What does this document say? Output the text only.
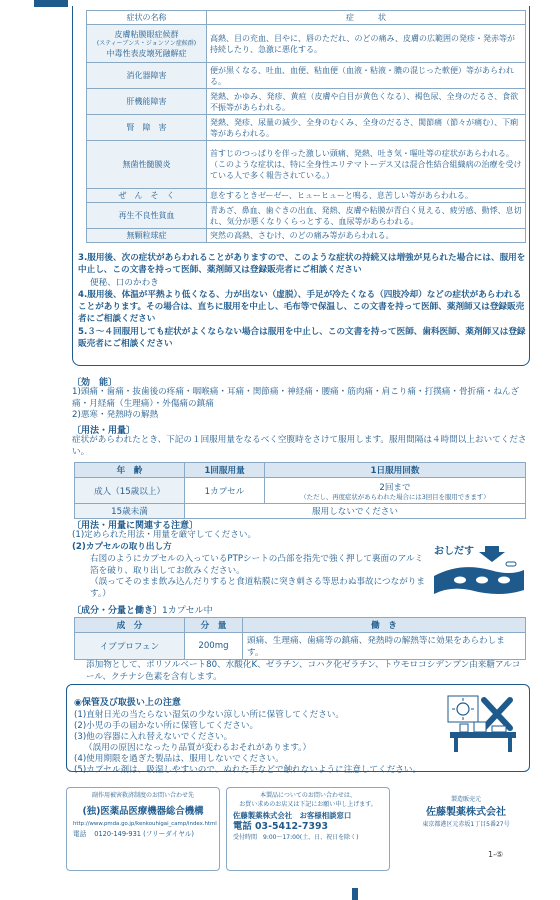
症状の名称	症　　　状
皮膚粘膜眼症候群
(スティーブンス・ジョンソン症候群)
中毒性表皮壊死融解症	高熱、目の充血、目やに、唇のただれ、のどの痛み、皮膚の広範囲の発疹・発赤等が持続したり、急激に悪化する。
消化器障害	便が黒くなる、吐血、血便、粘血便（血液・粘液・膿の混じった軟便）等があらわれる。
肝機能障害	発熱、かゆみ、発疹、黄疸（皮膚や白目が黄色くなる）、褐色尿、全身のだるさ、食欲不振等があらわれる。
腎　障　害	発熱、発疹、尿量の減少、全身のむくみ、全身のだるさ、関節痛（節々が痛む）、下痢等があらわれる。
無菌性髄膜炎	首すじのつっぱりを伴った激しい頭痛、発熱、吐き気・嘔吐等の症状があらわれる。（このような症状は、特に全身性エリテマトーデス又は混合性結合組織病の治療を受けている人で多く報告されている。）
ぜ　ん　そ　く	息をするときゼーゼー、ヒューヒューと鳴る、息苦しい等があらわれる。
再生不良性貧血	青あざ、鼻血、歯ぐきの出血、発熱、皮膚や粘膜が青白く見える、疲労感、動悸、息切れ、気分が悪くなりくらっとする、血尿等があらわれる。
無顆粒球症	突然の高熱、さむけ、のどの痛み等があらわれる。
3.服用後、次の症状があらわれることがありますので、このような症状の持続又は増強が見られた場合には、服用を中止し、この文書を持って医師、薬剤師又は登録販売者にご相談ください
便秘、口のかわき
4.服用後、体温が平熱より低くなる、力が出ない（虚脱）、手足が冷たくなる（四肢冷却）などの症状があらわれることがあります。その場合は、直ちに服用を中止し、毛布等で保温し、この文書を持って医師、薬剤師又は登録販売者にご相談ください
5.３～４回服用しても症状がよくならない場合は服用を中止し、この文書を持って医師、歯科医師、薬剤師又は登録販売者にご相談ください
〔効　能〕
1)頭痛・歯痛・抜歯後の疼痛・咽喉痛・耳痛・関節痛・神経痛・腰痛・筋肉痛・肩こり痛・打撲痛・骨折痛・ねんざ痛・月経痛（生理痛）・外傷痛の鎮痛
2)悪寒・発熱時の解熱
〔用法・用量〕
症状があらわれたとき、下記の１回服用量をなるべく空腹時をさけて服用します。服用間隔は４時間以上おいてください。
年　齢	1回服用量	1日服用回数
成人（15歳以上）	1カプセル	2回まで
（ただし、再度症状があらわれた場合には3回目を服用できます）

15歳未満	服用しないでください	
〔用法・用量に関連する注意〕
(1)定められた用法・用量を厳守してください。
(2)カプセルの取り出し方
右図のようにカプセルの入っているPTPシートの凸部を指先で強く押して裏面のアルミ箔を破り、取り出してお飲みください。
（誤ってそのまま飲み込んだりすると食道粘膜に突き刺さる等思わぬ事故につながります。）
おしだす
〔成分・分量と働き〕1カプセル中
成　分	分　量	働　き
イブプロフェン	200mg	頭痛、生理痛、歯痛等の鎮痛、発熱時の解熱等に効果をあらわします。
添加物として、ポリソルベート80、水酸化K、ゼラチン、コハク化ゼラチン、トウモロコシデンプン由来糖アルコール、クチナシ色素を含有します。
◉保管及び取扱い上の注意
(1)直射日光の当たらない湿気の少ない涼しい所に保管してください。
(2)小児の手の届かない所に保管してください。
(3)他の容器に入れ替えないでください。
（誤用の原因になったり品質が変わるおそれがあります。）
(4)使用期限を過ぎた製品は、服用しないでください。
(5)カプセル剤は、吸湿しやすいので、ぬれた手などで触れないように注意してください。
副作用被害救済制度のお問い合わせ先
(独)医薬品医療機器総合機構
http://www.pmda.go.jp/kenkouhigai_camp/index.html
電話 0120-149-931 (フリーダイヤル)
本製品についてのお問い合わせは、
お買い求めのお店又は下記にお願い申し上げます。
佐藤製薬株式会社　お客様相談窓口
電話 03-5412-7393
受付時間　9:00～17:00(土、日、祝日を除く)
製造販売元
佐藤製薬株式会社
東京都港区元赤坂1丁目5番27号
1-⑤
